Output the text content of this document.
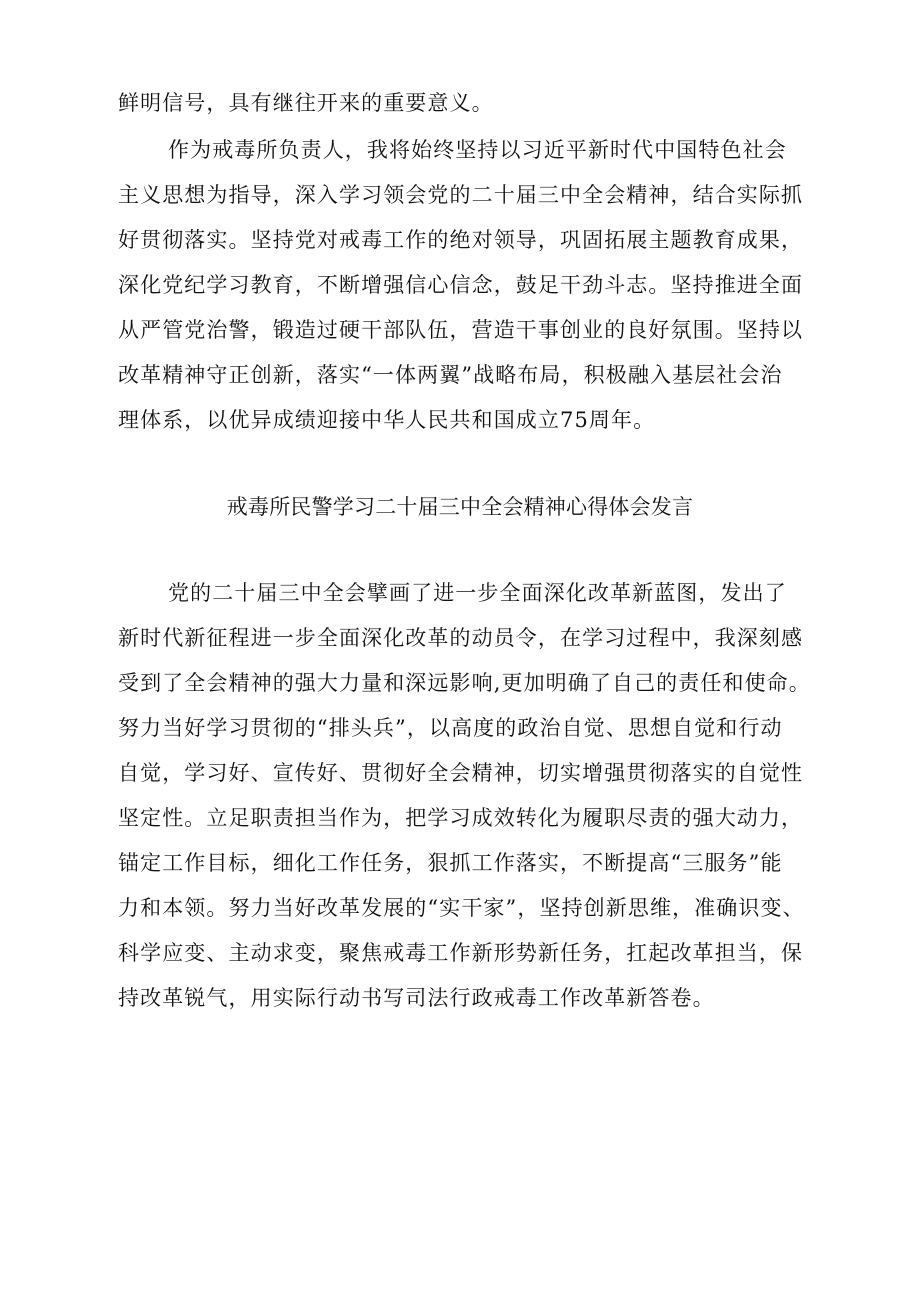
鲜明信号，具有继往开来的重要意义。
作为戒毒所负责人，我将始终坚持以习近平新时代中国特色社会
主义思想为指导，深入学习领会党的二十届三中全会精神，结合实际抓
好贯彻落实。坚持党对戒毒工作的绝对领导，巩固拓展主题教育成果，
深化党纪学习教育，不断增强信心信念，鼓足干劲斗志。坚持推进全面
从严管党治警，锻造过硬干部队伍，营造干事创业的良好氛围。坚持以
改革精神守正创新，落实“一体两翼”战略布局，积极融入基层社会治
理体系，以优异成绩迎接中华人民共和国成立75周年。
戒毒所民警学习二十届三中全会精神心得体会发言
党的二十届三中全会擘画了进一步全面深化改革新蓝图，发出了
新时代新征程进一步全面深化改革的动员令，在学习过程中，我深刻感
受到了全会精神的强大力量和深远影响,更加明确了自己的责任和使命。
努力当好学习贯彻的“排头兵”，以高度的政治自觉、思想自觉和行动
自觉，学习好、宣传好、贯彻好全会精神，切实增强贯彻落实的自觉性
坚定性。立足职责担当作为，把学习成效转化为履职尽责的强大动力，
锚定工作目标，细化工作任务，狠抓工作落实，不断提高“三服务”能
力和本领。努力当好改革发展的“实干家”，坚持创新思维，准确识变、
科学应变、主动求变，聚焦戒毒工作新形势新任务，扛起改革担当，保
持改革锐气，用实际行动书写司法行政戒毒工作改革新答卷。
